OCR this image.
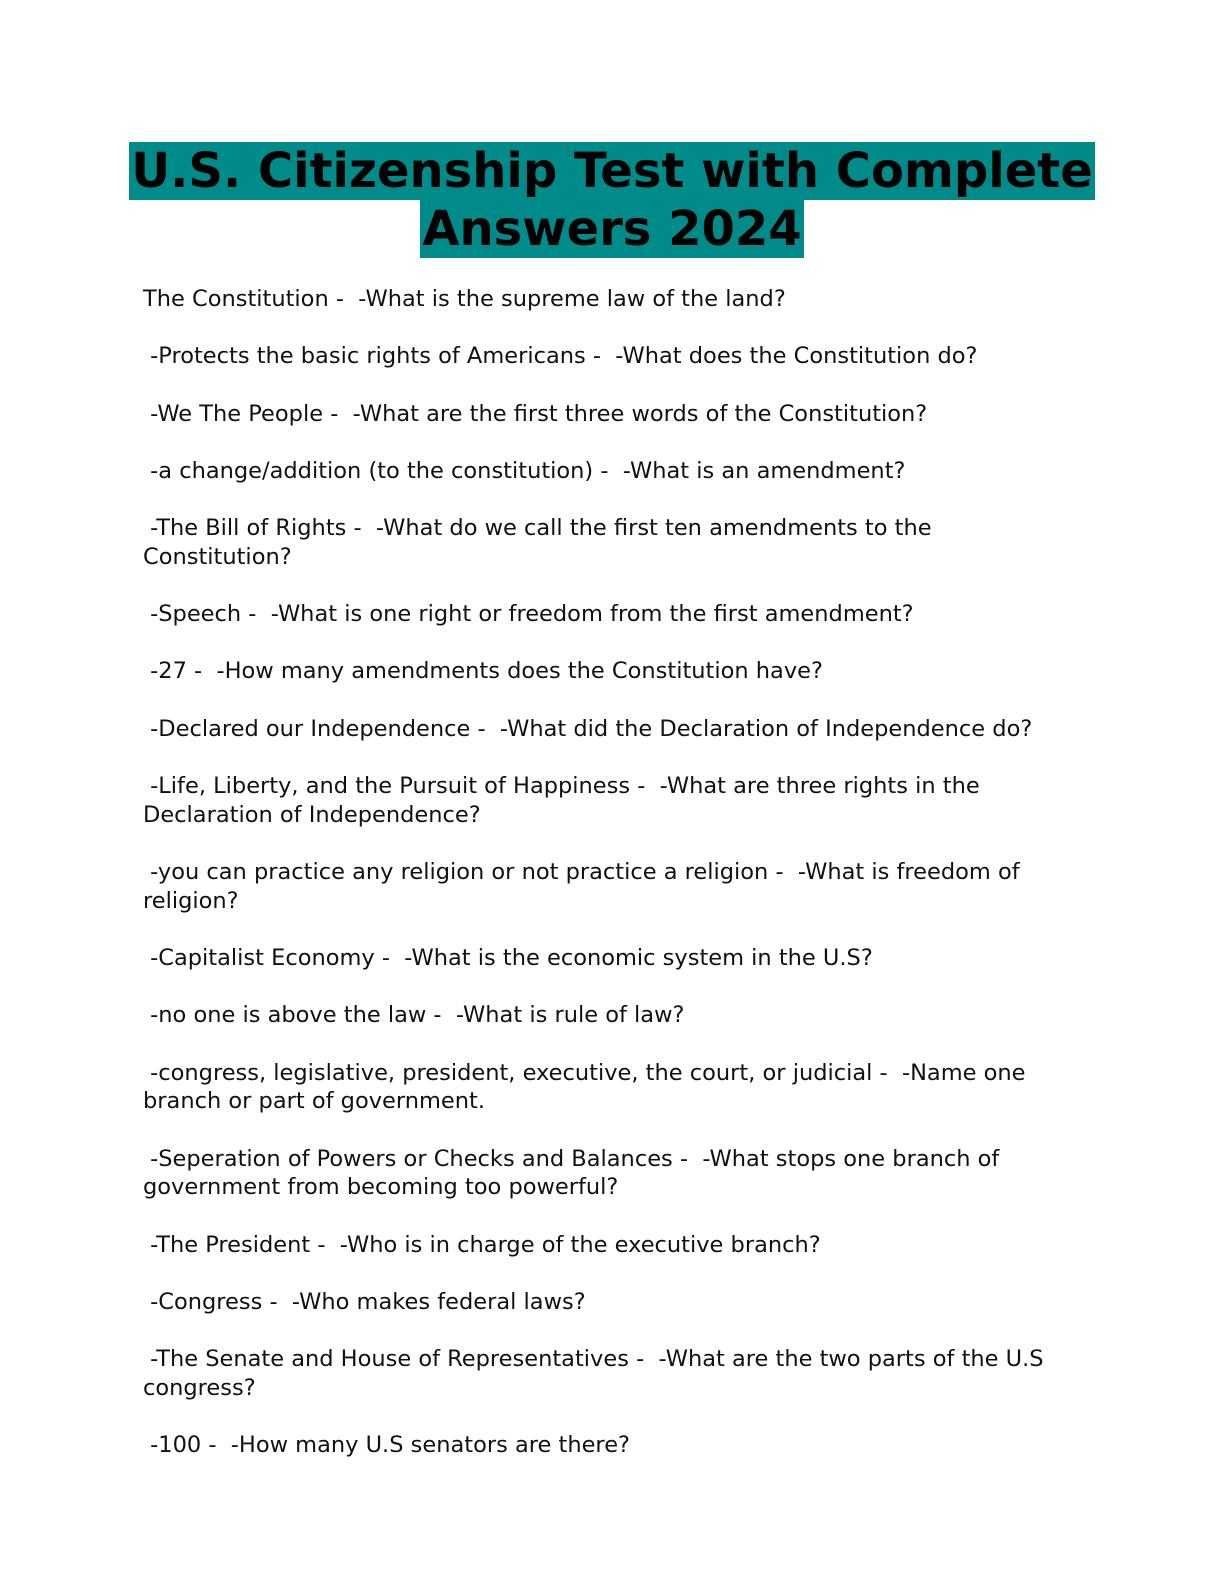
U.S. Citizenship Test with Complete
Answers 2024
The Constitution -  -What is the supreme law of the land?
-Protects the basic rights of Americans -  -What does the Constitution do?
-We The People -  -What are the first three words of the Constitution?
-a change/addition (to the constitution) -  -What is an amendment?
-The Bill of Rights -  -What do we call the first ten amendments to the Constitution?
-Speech -  -What is one right or freedom from the first amendment?
-27 -  -How many amendments does the Constitution have?
-Declared our Independence -  -What did the Declaration of Independence do?
-Life, Liberty, and the Pursuit of Happiness -  -What are three rights in the Declaration of Independence?
-you can practice any religion or not practice a religion -  -What is freedom of religion?
-Capitalist Economy -  -What is the economic system in the U.S?
-no one is above the law -  -What is rule of law?
-congress, legislative, president, executive, the court, or judicial -  -Name one branch or part of government.
-Seperation of Powers or Checks and Balances -  -What stops one branch of government from becoming too powerful?
-The President -  -Who is in charge of the executive branch?
-Congress -  -Who makes federal laws?
-The Senate and House of Representatives -  -What are the two parts of the U.S congress?
-100 -  -How many U.S senators are there?
